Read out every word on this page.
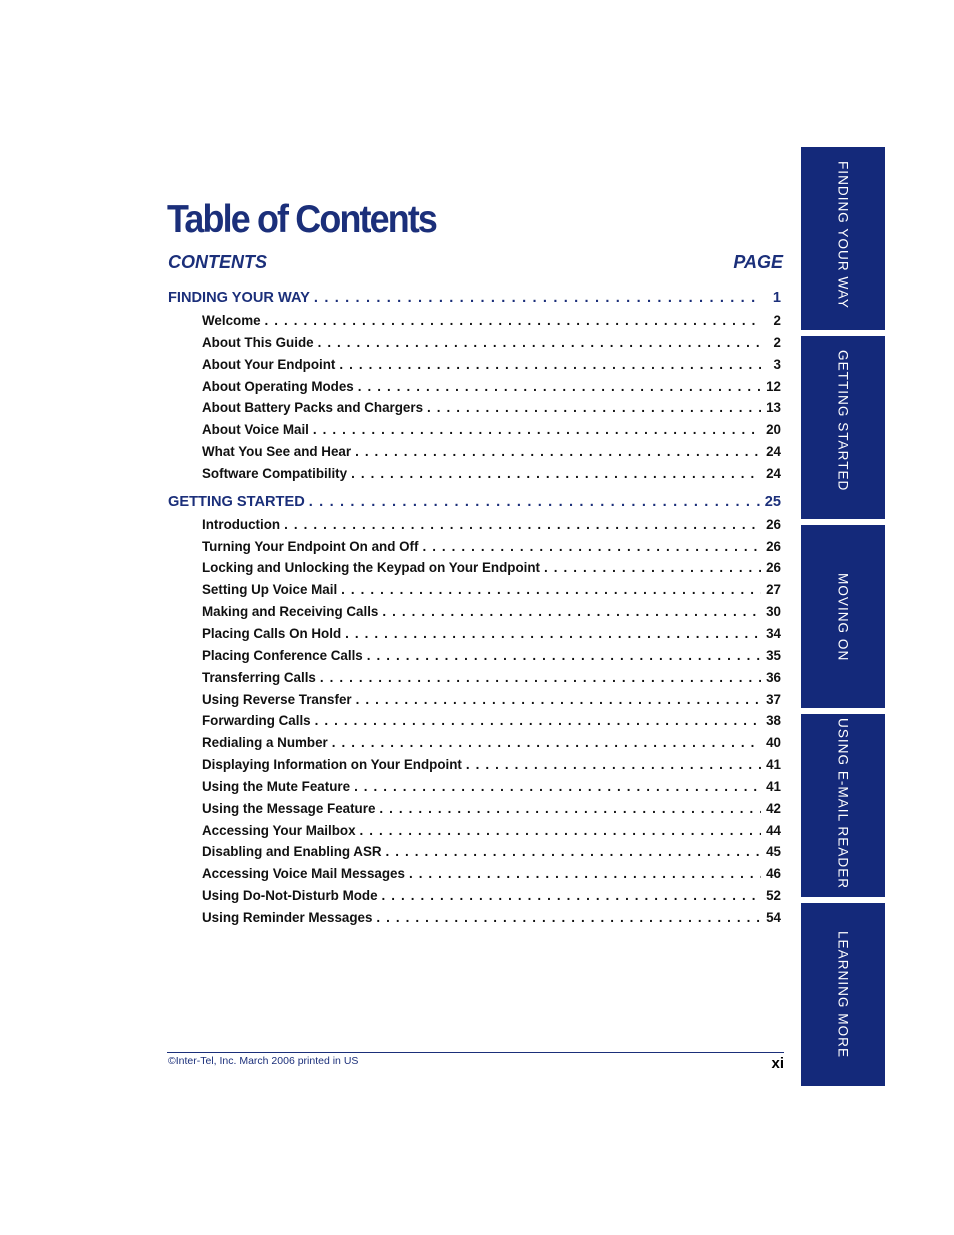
Table of Contents
CONTENTS	PAGE
FINDING YOUR WAY . . .	1
Welcome . . .	2
About This Guide . . .	2
About Your Endpoint . . .	3
About Operating Modes . . .	12
About Battery Packs and Chargers . . .	13
About Voice Mail . . .	20
What You See and Hear . . .	24
Software Compatibility . . .	24
GETTING STARTED . . .	25
Introduction . . .	26
Turning Your Endpoint On and Off . . .	26
Locking and Unlocking the Keypad on Your Endpoint . . .	26
Setting Up Voice Mail . . .	27
Making and Receiving Calls . . .	30
Placing Calls On Hold . . .	34
Placing Conference Calls . . .	35
Transferring Calls . . .	36
Using Reverse Transfer . . .	37
Forwarding Calls . . .	38
Redialing a Number . . .	40
Displaying Information on Your Endpoint . . .	41
Using the Mute Feature . . .	41
Using the Message Feature . . .	42
Accessing Your Mailbox . . .	44
Disabling and Enabling ASR . . .	45
Accessing Voice Mail Messages . . .	46
Using Do-Not-Disturb Mode . . .	52
Using Reminder Messages . . .	54
©Inter-Tel, Inc. March 2006 printed in US	xi
FINDING YOUR WAY
GETTING STARTED
MOVING ON
USING E-MAIL READER
LEARNING MORE
